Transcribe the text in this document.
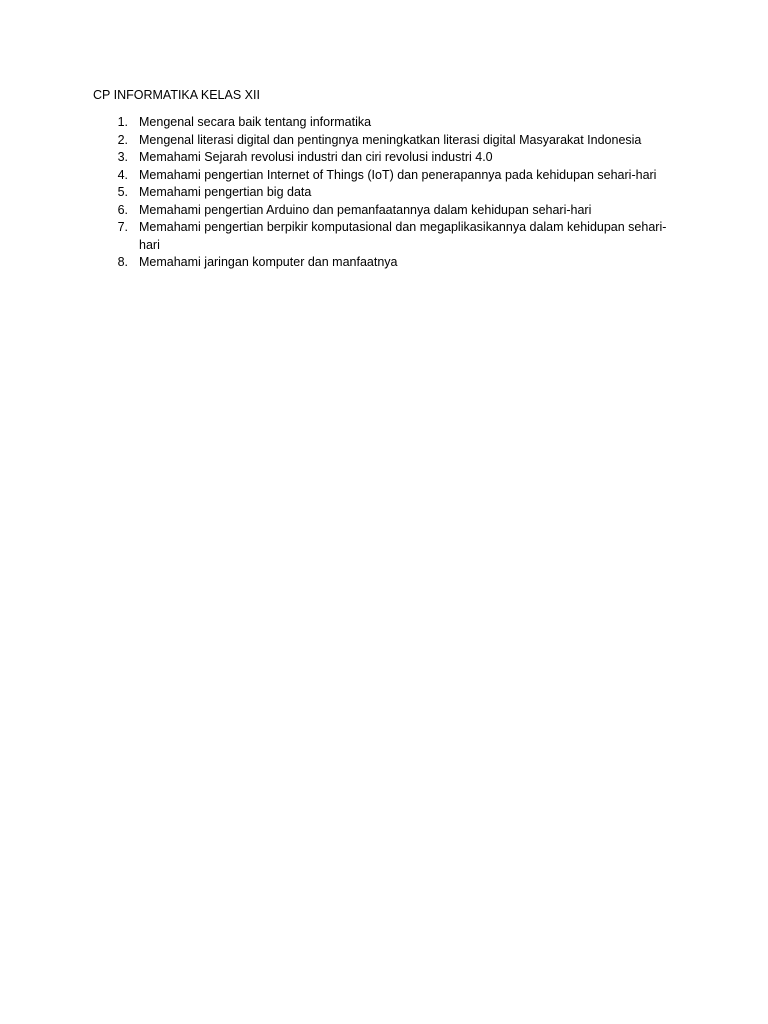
CP INFORMATIKA KELAS XII
1. Mengenal secara baik tentang informatika
2. Mengenal literasi digital dan pentingnya meningkatkan literasi digital Masyarakat Indonesia
3. Memahami Sejarah revolusi industri dan ciri revolusi industri 4.0
4. Memahami pengertian Internet of Things (IoT) dan penerapannya pada kehidupan sehari-hari
5. Memahami pengertian big data
6. Memahami pengertian Arduino dan pemanfaatannya dalam kehidupan sehari-hari
7. Memahami pengertian berpikir komputasional dan megaplikasikannya dalam kehidupan sehari-hari
8. Memahami jaringan komputer dan manfaatnya
